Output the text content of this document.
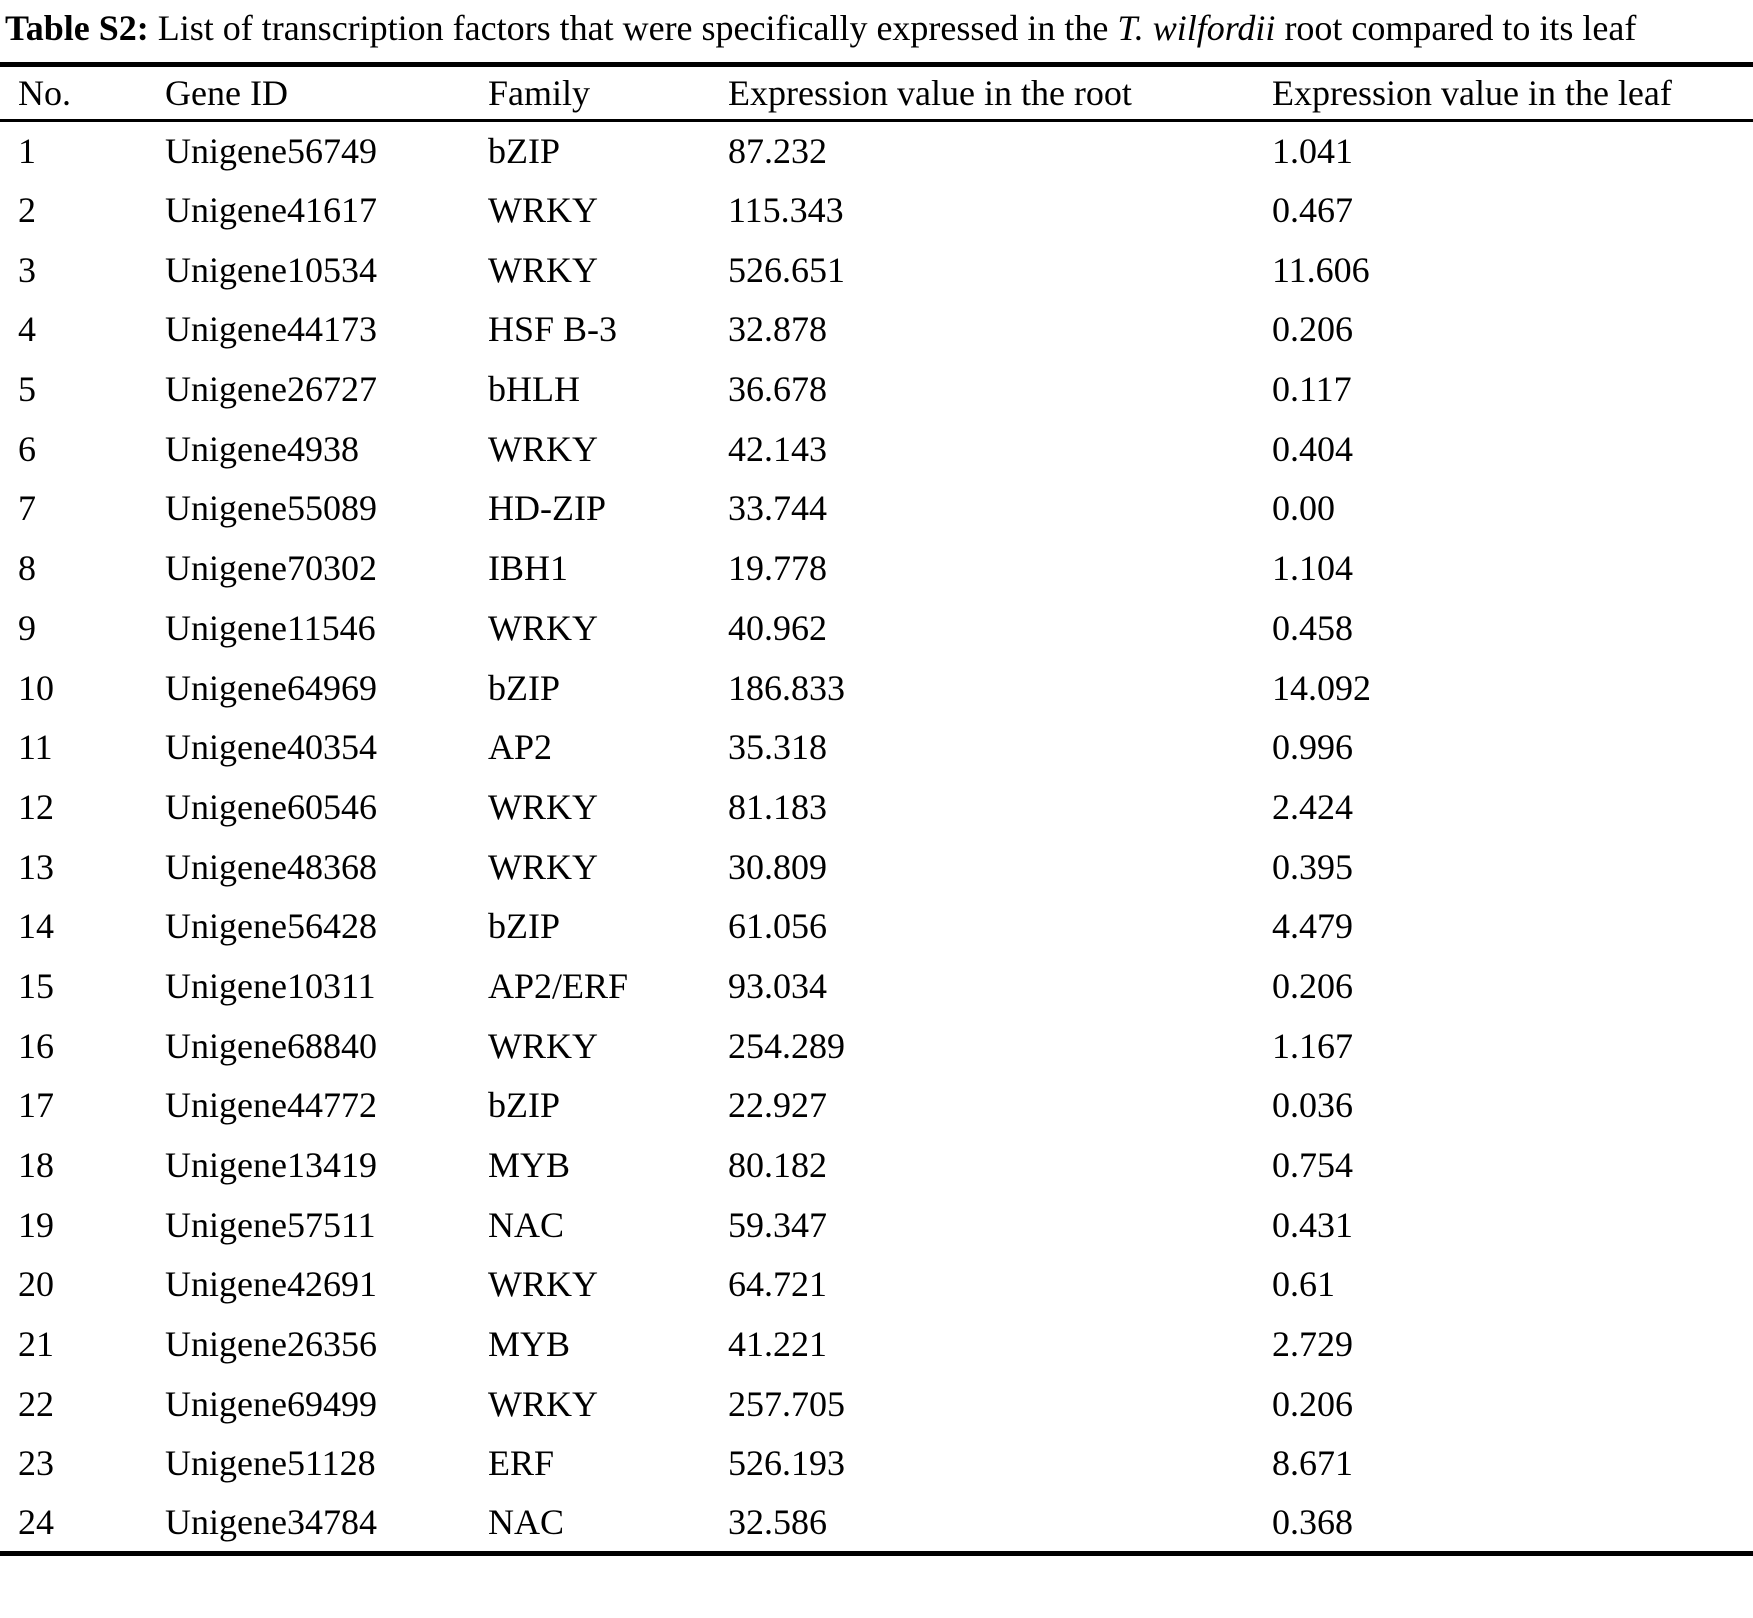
Table S2: List of transcription factors that were specifically expressed in the T. wilfordii root compared to its leaf

No.	Gene ID	Family	Expression value in the root	Expression value in the leaf
1	Unigene56749	bZIP	87.232	1.041
2	Unigene41617	WRKY	115.343	0.467
3	Unigene10534	WRKY	526.651	11.606
4	Unigene44173	HSF B-3	32.878	0.206
5	Unigene26727	bHLH	36.678	0.117
6	Unigene4938	WRKY	42.143	0.404
7	Unigene55089	HD-ZIP	33.744	0.00
8	Unigene70302	IBH1	19.778	1.104
9	Unigene11546	WRKY	40.962	0.458
10	Unigene64969	bZIP	186.833	14.092
11	Unigene40354	AP2	35.318	0.996
12	Unigene60546	WRKY	81.183	2.424
13	Unigene48368	WRKY	30.809	0.395
14	Unigene56428	bZIP	61.056	4.479
15	Unigene10311	AP2/ERF	93.034	0.206
16	Unigene68840	WRKY	254.289	1.167
17	Unigene44772	bZIP	22.927	0.036
18	Unigene13419	MYB	80.182	0.754
19	Unigene57511	NAC	59.347	0.431
20	Unigene42691	WRKY	64.721	0.61
21	Unigene26356	MYB	41.221	2.729
22	Unigene69499	WRKY	257.705	0.206
23	Unigene51128	ERF	526.193	8.671
24	Unigene34784	NAC	32.586	0.368
